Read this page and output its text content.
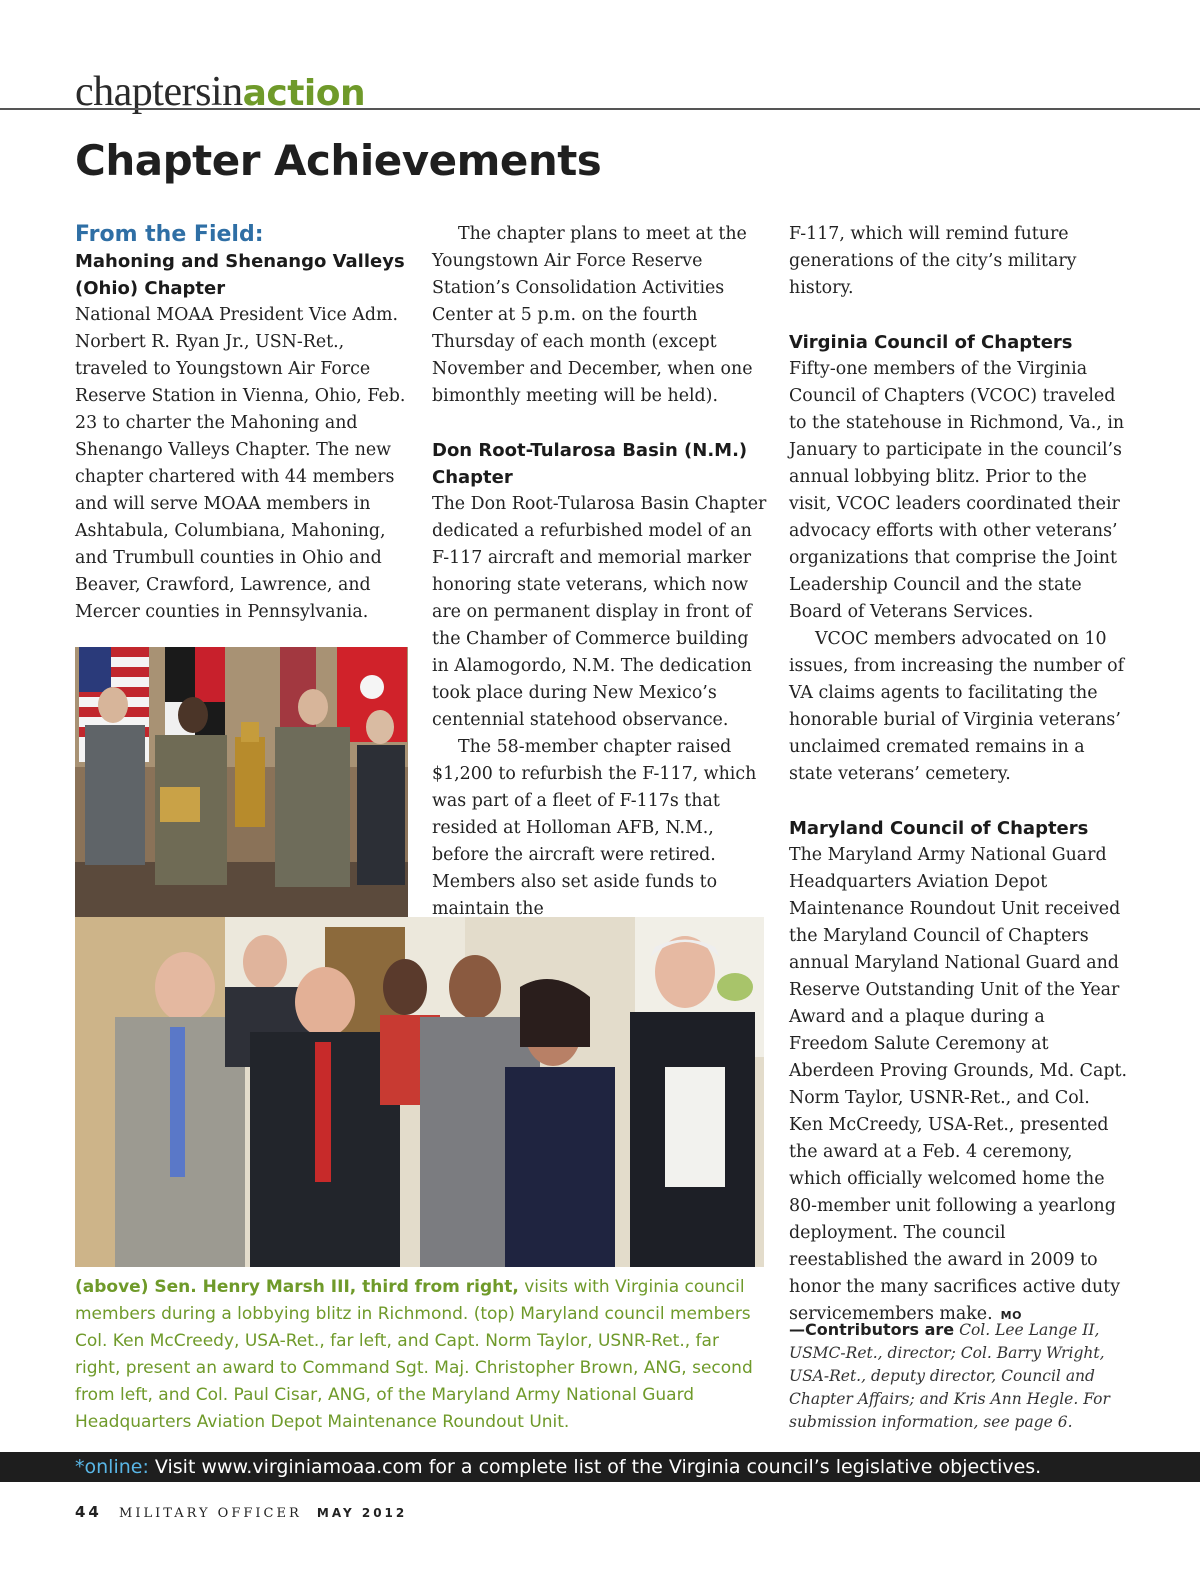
chaptersinaction
Chapter Achievements
From the Field:
Mahoning and Shenango Valleys (Ohio) Chapter

National MOAA President Vice Adm. Norbert R. Ryan Jr., USN-Ret., traveled to Youngstown Air Force Reserve Station in Vienna, Ohio, Feb. 23 to charter the Mahoning and Shenango Valleys Chapter. The new chapter chartered with 44 members and will serve MOAA members in Ashtabula, Columbiana, Mahoning, and Trumbull counties in Ohio and Beaver, Crawford, Lawrence, and Mercer counties in Pennsylvania.

The chapter plans to meet at the Youngstown Air Force Reserve Station’s Consolidation Activities Center at 5 p.m. on the fourth Thursday of each month (except November and December, when one bimonthly meeting will be held).

Don Root-Tularosa Basin (N.M.) Chapter

The Don Root-Tularosa Basin Chapter dedicated a refurbished model of an F-117 aircraft and memorial marker honoring state veterans, which now are on permanent display in front of the Chamber of Commerce building in Alamogordo, N.M. The dedication took place during New Mexico’s centennial statehood observance.

The 58-member chapter raised $1,200 to refurbish the F-117, which was part of a fleet of F-117s that resided at Holloman AFB, N.M., before the aircraft were retired. Members also set aside funds to maintain the

F-117, which will remind future generations of the city’s military history.

Virginia Council of Chapters

Fifty-one members of the Virginia Council of Chapters (VCOC) traveled to the statehouse in Richmond, Va., in January to participate in the council’s annual lobbying blitz. Prior to the visit, VCOC leaders coordinated their advocacy efforts with other veterans’ organizations that comprise the Joint Leadership Council and the state Board of Veterans Services.

VCOC members advocated on 10 issues, from increasing the number of VA claims agents to facilitating the honorable burial of Virginia veterans’ unclaimed cremated remains in a state veterans’ cemetery.

Maryland Council of Chapters

The Maryland Army National Guard Headquarters Aviation Depot Maintenance Roundout Unit received the Maryland Council of Chapters annual Maryland National Guard and Reserve Outstanding Unit of the Year Award and a plaque during a Freedom Salute Ceremony at Aberdeen Proving Grounds, Md. Capt. Norm Taylor, USNR-Ret., and Col. Ken McCreedy, USA-Ret., presented the award at a Feb. 4 ceremony, which officially welcomed home the 80-member unit following a yearlong deployment. The council reestablished the award in 2009 to honor the many sacrifices active duty servicemembers make. MO

—Contributors are Col. Lee Lange II, USMC-Ret., director; Col. Barry Wright, USA-Ret., deputy director, Council and Chapter Affairs; and Kris Ann Hegle. For submission information, see page 6.
(above) Sen. Henry Marsh III, third from right, visits with Virginia council members during a lobbying blitz in Richmond. (top) Maryland council members Col. Ken McCreedy, USA-Ret., far left, and Capt. Norm Taylor, USNR-Ret., far right, present an award to Command Sgt. Maj. Christopher Brown, ANG, second from left, and Col. Paul Cisar, ANG, of the Maryland Army National Guard Headquarters Aviation Depot Maintenance Roundout Unit.
*online: Visit www.virginiamoaa.com for a complete list of the Virginia council’s legislative objectives.
44 MILITARY OFFICER MAY 2012
